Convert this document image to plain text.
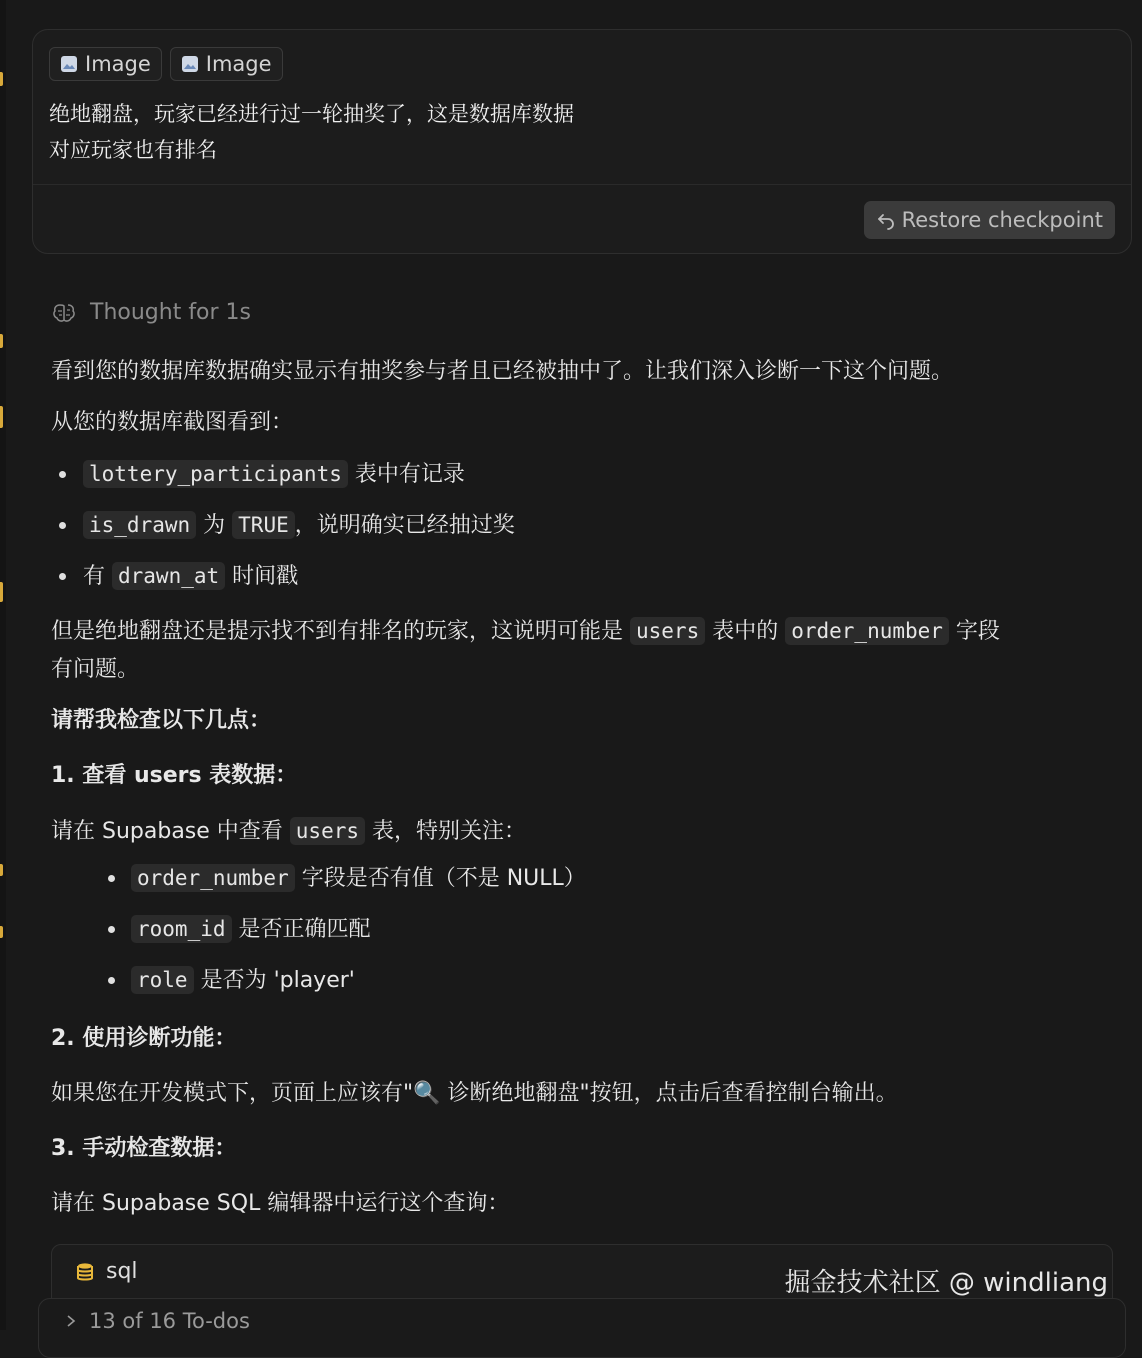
Image	Image
绝地翻盘，玩家已经进行过一轮抽奖了，这是数据库数据
对应玩家也有排名
Restore checkpoint
Thought for 1s
看到您的数据库数据确实显示有抽奖参与者且已经被抽中了。让我们深入诊断一下这个问题。
从您的数据库截图看到：
lottery_participants 表中有记录
is_drawn 为 TRUE ，说明确实已经抽过奖
有 drawn_at 时间戳
但是绝地翻盘还是提示找不到有排名的玩家，这说明可能是 users 表中的 order_number 字段
有问题。
请帮我检查以下几点：
1. 查看 users 表数据：
请在 Supabase 中查看 users 表，特别关注：
order_number 字段是否有值（不是 NULL）
room_id 是否正确匹配
role 是否为 'player'
2. 使用诊断功能：
如果您在开发模式下，页面上应该有"🔍 诊断绝地翻盘"按钮，点击后查看控制台输出。
3. 手动检查数据：
请在 Supabase SQL 编辑器中运行这个查询：
sql	掘金技术社区 @ windliang
13 of 16 To-dos
